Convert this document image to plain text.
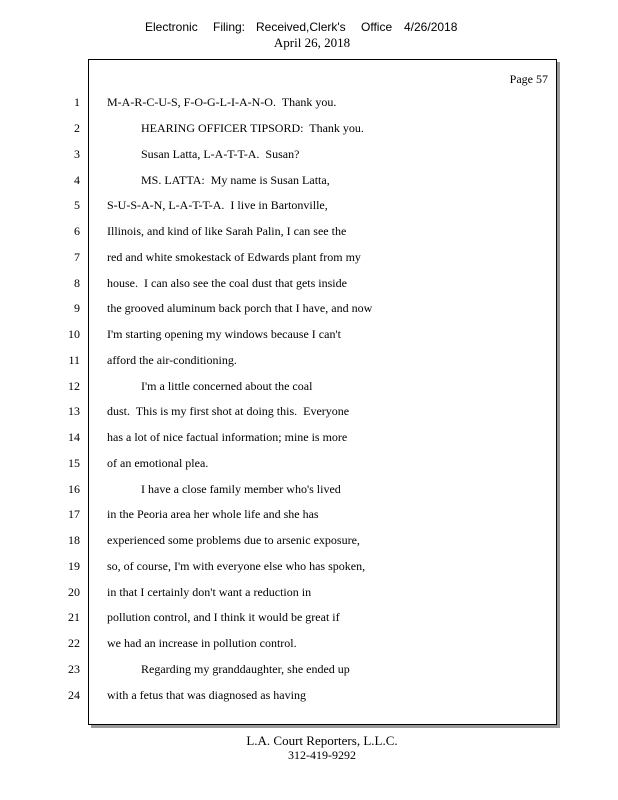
Electronic Filing: Received,Clerk's Office 4/26/2018
April 26, 2018
Page 57
1 M-A-R-C-U-S, F-O-G-L-I-A-N-O.  Thank you.
2	HEARING OFFICER TIPSORD:  Thank you.
3	Susan Latta, L-A-T-T-A.  Susan?
4	MS. LATTA:  My name is Susan Latta,
5 S-U-S-A-N, L-A-T-T-A.  I live in Bartonville,
6 Illinois, and kind of like Sarah Palin, I can see the
7 red and white smokestack of Edwards plant from my
8 house.  I can also see the coal dust that gets inside
9 the grooved aluminum back porch that I have, and now
10 I'm starting opening my windows because I can't
11 afford the air-conditioning.
12	I'm a little concerned about the coal
13 dust.  This is my first shot at doing this.  Everyone
14 has a lot of nice factual information; mine is more
15 of an emotional plea.
16	I have a close family member who's lived
17 in the Peoria area her whole life and she has
18 experienced some problems due to arsenic exposure,
19 so, of course, I'm with everyone else who has spoken,
20 in that I certainly don't want a reduction in
21 pollution control, and I think it would be great if
22 we had an increase in pollution control.
23	Regarding my granddaughter, she ended up
24 with a fetus that was diagnosed as having
L.A. Court Reporters, L.L.C.
312-419-9292
